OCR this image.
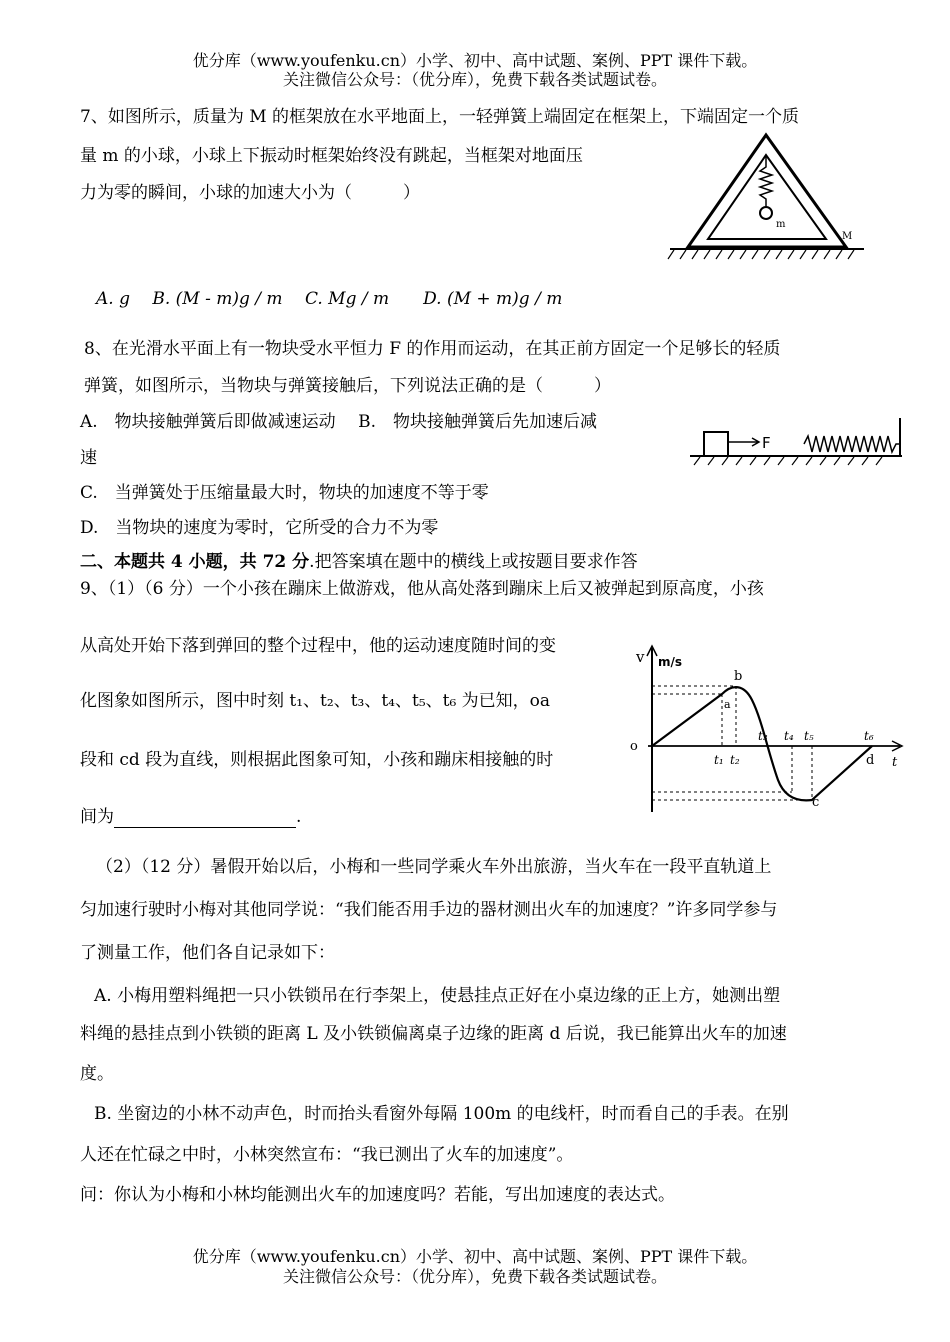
优分库（www.youfenku.cn）小学、初中、高中试题、案例、PPT 课件下载。
关注微信公众号：（优分库），免费下载各类试题试卷。
7、如图所示，质量为 M 的框架放在水平地面上，一轻弹簧上端固定在框架上，下端固定一个质
量 m 的小球，小球上下振动时框架始终没有跳起，当框架对地面压
力为零的瞬间，小球的加速大小为（　　　）
m
M
A. g　 B. (M - m)g / m　 C. Mg / m　　D. (M + m)g / m
8、在光滑水平面上有一物块受水平恒力 F 的作用而运动，在其正前方固定一个足够长的轻质
弹簧，如图所示，当物块与弹簧接触后，下列说法正确的是（　　　）
A.　物块接触弹簧后即做减速运动　 B.　物块接触弹簧后先加速后减
速
F
C.　当弹簧处于压缩量最大时，物块的加速度不等于零
D.　当物块的速度为零时，它所受的合力不为零
二、本题共 4 小题，共 72 分.把答案填在题中的横线上或按题目要求作答
9、（1）（6 分）一个小孩在蹦床上做游戏，他从高处落到蹦床上后又被弹起到原高度，小孩
从高处开始下落到弹回的整个过程中，他的运动速度随时间的变
化图象如图所示，图中时刻 t₁、t₂、t₃、t₄、t₅、t₆ 为已知，oa
段和 cd 段为直线，则根据此图象可知，小孩和蹦床相接触的时
间为	.
v m/s
o
t
a
b
c
d
t₁ t₂
t₃ t₄ t₅	t₆
（2）（12 分）暑假开始以后，小梅和一些同学乘火车外出旅游，当火车在一段平直轨道上
匀加速行驶时小梅对其他同学说：“我们能否用手边的器材测出火车的加速度？”许多同学参与
了测量工作，他们各自记录如下：
A. 小梅用塑料绳把一只小铁锁吊在行李架上，使悬挂点正好在小桌边缘的正上方，她测出塑
料绳的悬挂点到小铁锁的距离 L 及小铁锁偏离桌子边缘的距离 d 后说，我已能算出火车的加速
度。
B. 坐窗边的小林不动声色，时而抬头看窗外每隔 100m 的电线杆，时而看自己的手表。在别
人还在忙碌之中时，小林突然宣布：“我已测出了火车的加速度”。
问：你认为小梅和小林均能测出火车的加速度吗？若能，写出加速度的表达式。
优分库（www.youfenku.cn）小学、初中、高中试题、案例、PPT 课件下载。
关注微信公众号：（优分库），免费下载各类试题试卷。
